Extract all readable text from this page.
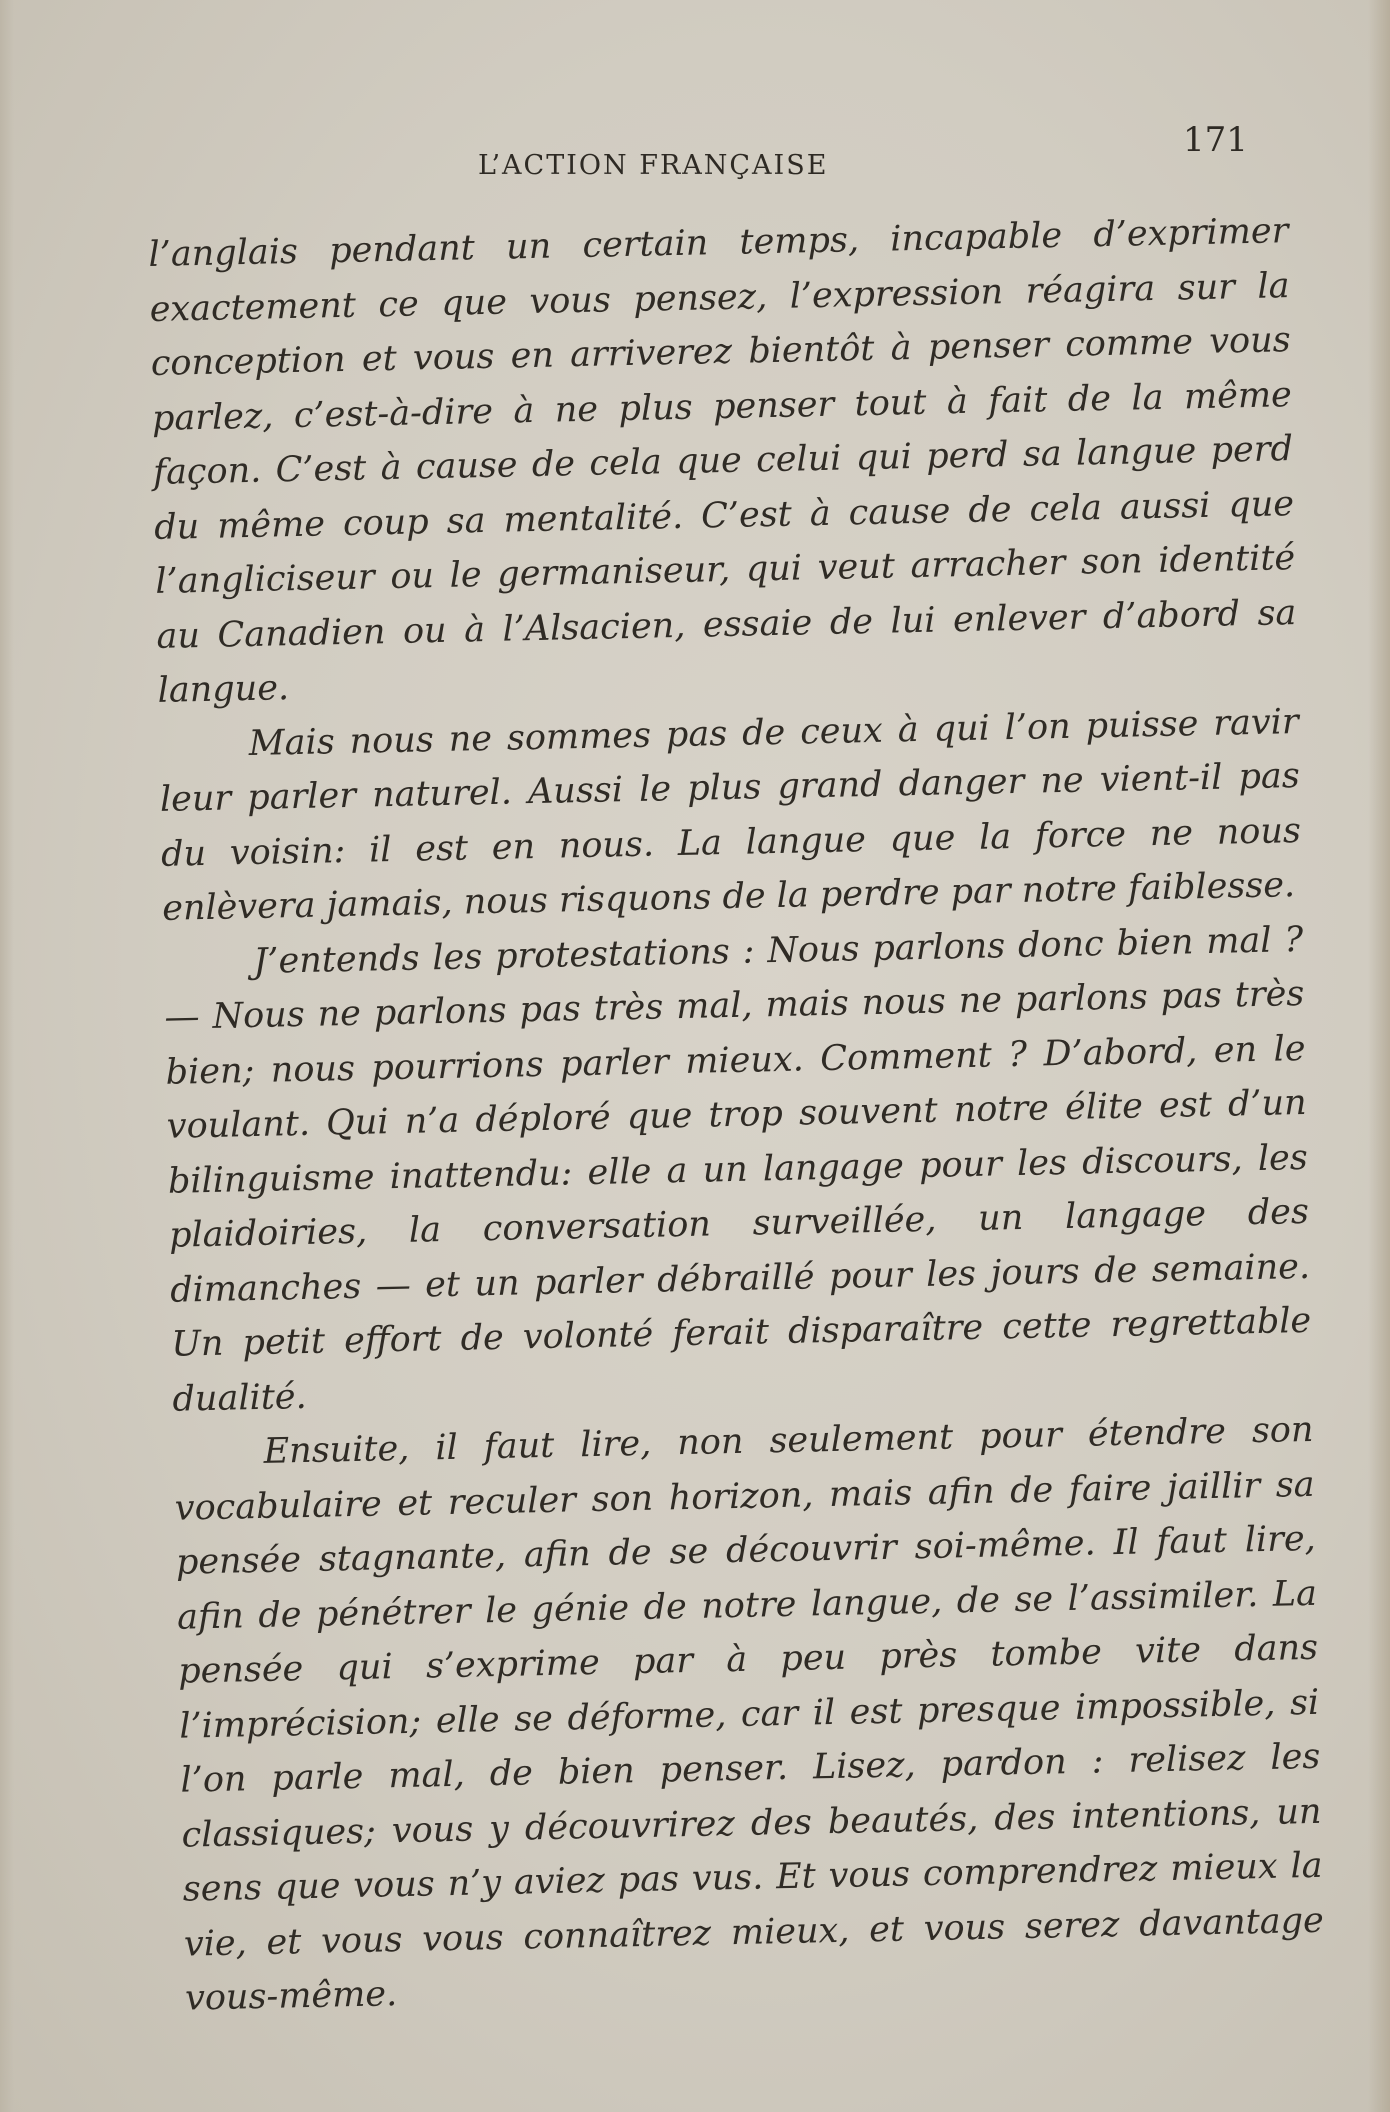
L’ACTION FRANÇAISE
171

l’anglais pendant un certain temps, incapable d’exprimer exactement ce que vous pensez, l’expression réagira sur la conception et vous en arriverez bientôt à penser comme vous parlez, c’est-à-dire à ne plus penser tout à fait de la même façon. C’est à cause de cela que celui qui perd sa langue perd du même coup sa mentalité. C’est à cause de cela aussi que l’angliciseur ou le germaniseur, qui veut arracher son identité au Canadien ou à l’Alsacien, essaie de lui enlever d’abord sa langue.

Mais nous ne sommes pas de ceux à qui l’on puisse ravir leur parler naturel. Aussi le plus grand danger ne vient-il pas du voisin: il est en nous. La langue que la force ne nous enlèvera jamais, nous risquons de la perdre par notre faiblesse.

J’entends les protestations : Nous parlons donc bien mal ? — Nous ne parlons pas très mal, mais nous ne parlons pas très bien; nous pourrions parler mieux. Comment ? D’abord, en le voulant. Qui n’a déploré que trop souvent notre élite est d’un bilinguisme inattendu: elle a un langage pour les discours, les plaidoiries, la conversation surveillée, un langage des dimanches — et un parler débraillé pour les jours de semaine. Un petit effort de volonté ferait disparaître cette regrettable dualité.

Ensuite, il faut lire, non seulement pour étendre son vocabulaire et reculer son horizon, mais afin de faire jaillir sa pensée stagnante, afin de se découvrir soi-même. Il faut lire, afin de pénétrer le génie de notre langue, de se l’assimiler. La pensée qui s’exprime par à peu près tombe vite dans l’imprécision; elle se déforme, car il est presque impossible, si l’on parle mal, de bien penser. Lisez, pardon : relisez les classiques; vous y découvrirez des beautés, des intentions, un sens que vous n’y aviez pas vus. Et vous comprendrez mieux la vie, et vous vous connaîtrez mieux, et vous serez davantage vous-même.
